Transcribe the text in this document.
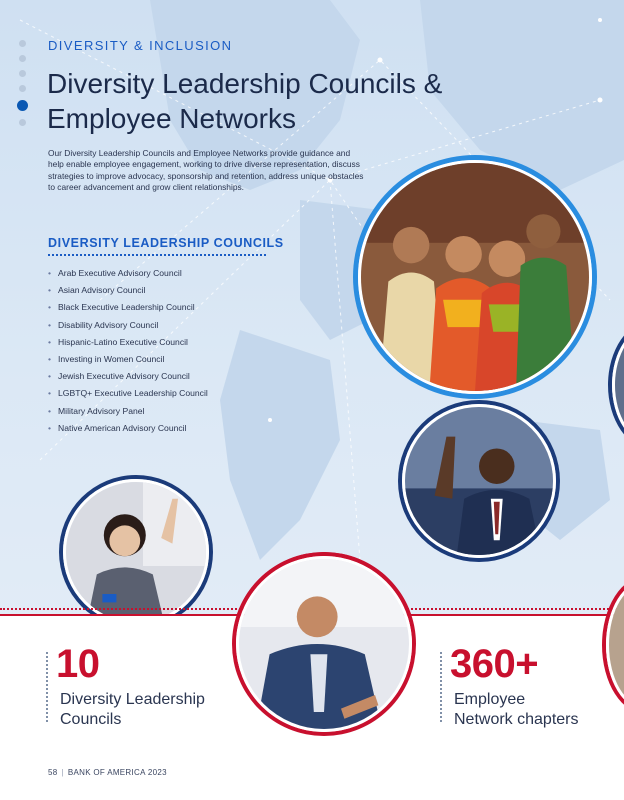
DIVERSITY & INCLUSION
Diversity Leadership Councils & Employee Networks

Our Diversity Leadership Councils and Employee Networks provide guidance and help enable employee engagement, working to drive diverse representation, discuss strategies to improve advocacy, sponsorship and retention, address unique obstacles to career advancement and grow client relationships.

DIVERSITY LEADERSHIP COUNCILS
• Arab Executive Advisory Council
• Asian Advisory Council
• Black Executive Leadership Council
• Disability Advisory Council
• Hispanic-Latino Executive Council
• Investing in Women Council
• Jewish Executive Advisory Council
• LGBTQ+ Executive Leadership Council
• Military Advisory Panel
• Native American Advisory Council
10
Diversity Leadership
Councils
360+
Employee
Network chapters
58 | BANK OF AMERICA 2023
